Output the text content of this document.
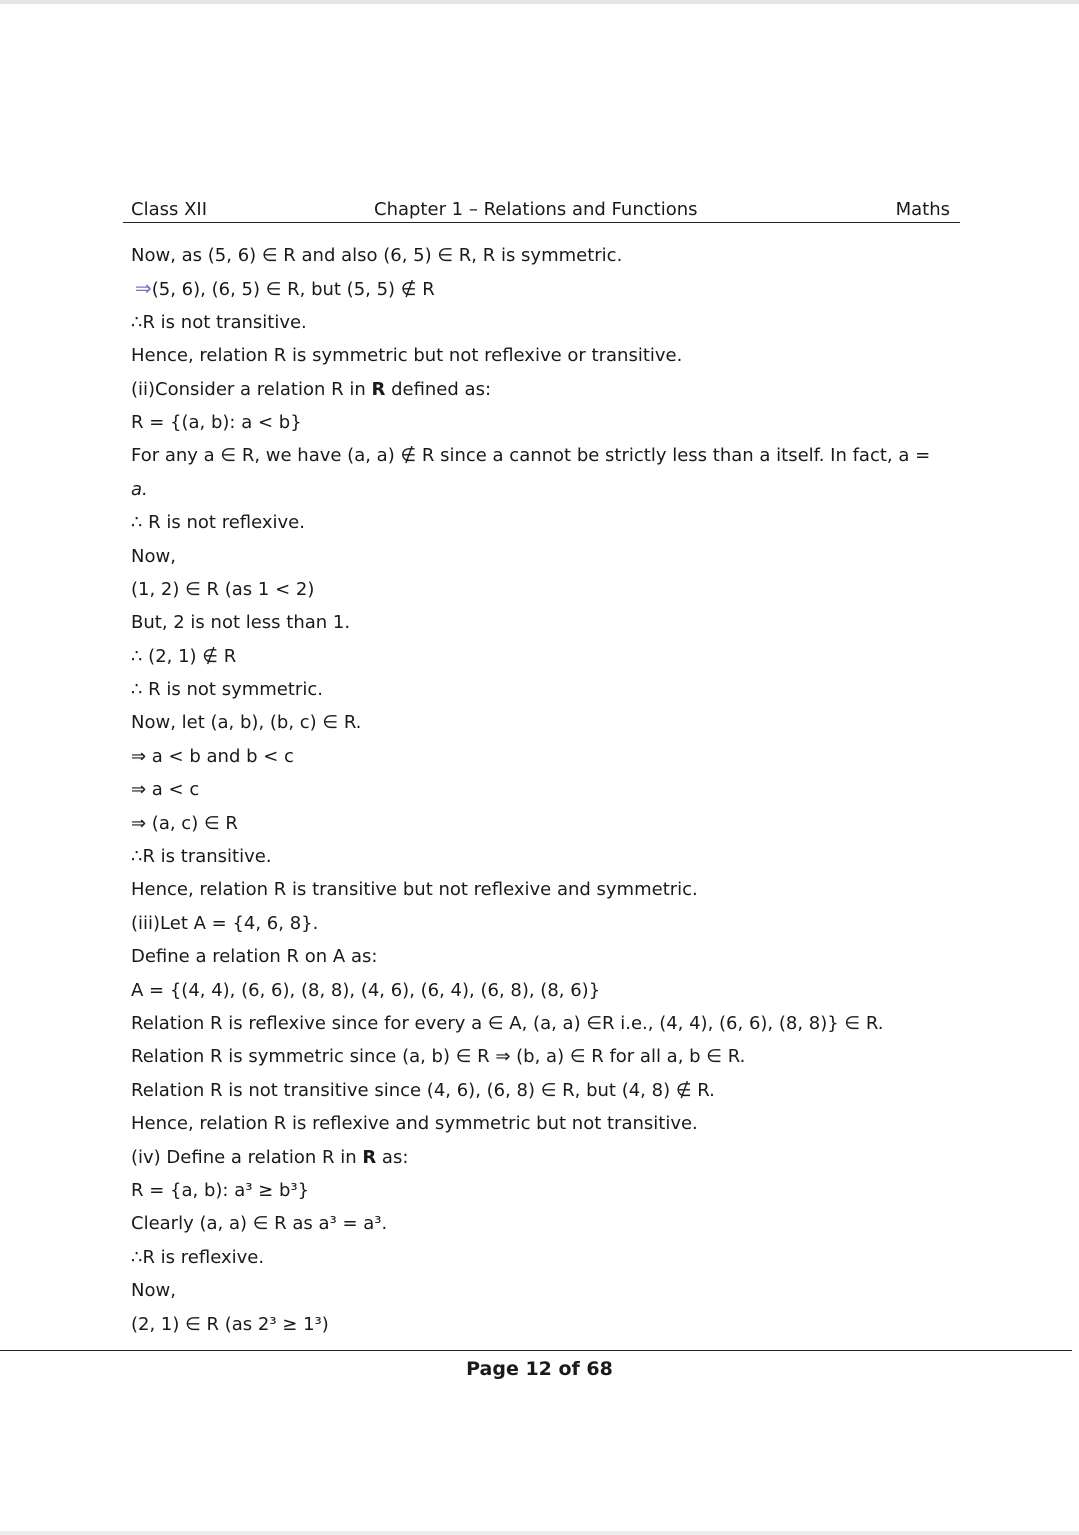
Class XII	Chapter 1 – Relations and Functions	Maths
Now, as (5, 6) ∈ R and also (6, 5) ∈ R, R is symmetric.
⇒(5, 6), (6, 5) ∈ R, but (5, 5) ∉ R
∴R is not transitive.
Hence, relation R is symmetric but not reflexive or transitive.
(ii)Consider a relation R in R defined as:
R = {(a, b): a < b}
For any a ∈ R, we have (a, a) ∉ R since a cannot be strictly less than a itself. In fact, a =
a.
∴ R is not reflexive.
Now,
(1, 2) ∈ R (as 1 < 2)
But, 2 is not less than 1.
∴ (2, 1) ∉ R
∴ R is not symmetric.
Now, let (a, b), (b, c) ∈ R.
⇒ a < b and b < c
⇒ a < c
⇒ (a, c) ∈ R
∴R is transitive.
Hence, relation R is transitive but not reflexive and symmetric.
(iii)Let A = {4, 6, 8}.
Define a relation R on A as:
A = {(4, 4), (6, 6), (8, 8), (4, 6), (6, 4), (6, 8), (8, 6)}
Relation R is reflexive since for every a ∈ A, (a, a) ∈R i.e., (4, 4), (6, 6), (8, 8)} ∈ R.
Relation R is symmetric since (a, b) ∈ R ⇒ (b, a) ∈ R for all a, b ∈ R.
Relation R is not transitive since (4, 6), (6, 8) ∈ R, but (4, 8) ∉ R.
Hence, relation R is reflexive and symmetric but not transitive.
(iv) Define a relation R in R as:
R = {a, b): a³ ≥ b³}
Clearly (a, a) ∈ R as a³ = a³.
∴R is reflexive.
Now,
(2, 1) ∈ R (as 2³ ≥ 1³)
Page 12 of 68
